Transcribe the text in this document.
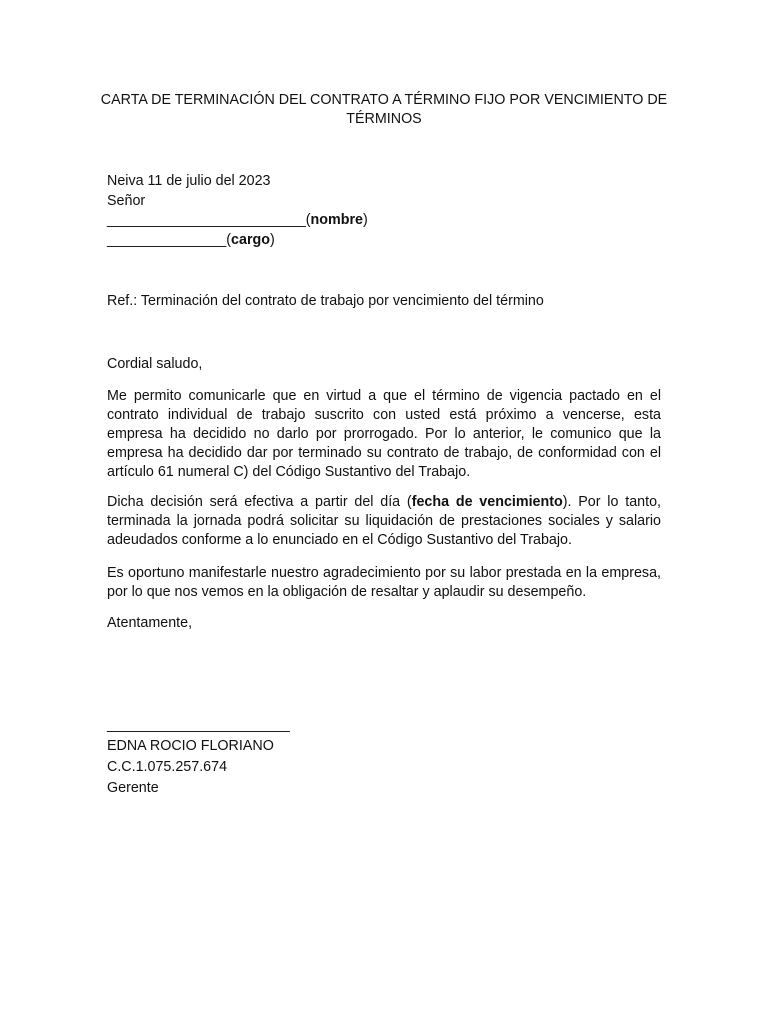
CARTA DE TERMINACIÓN DEL CONTRATO A TÉRMINO FIJO POR VENCIMIENTO DE TÉRMINOS
Neiva 11 de julio del 2023
Señor
_________________________(nombre)
_______________(cargo)
Ref.: Terminación del contrato de trabajo por vencimiento del término
Cordial saludo,
Me permito comunicarle que en virtud a que el término de vigencia pactado en el contrato individual de trabajo suscrito con usted está próximo a vencerse, esta empresa ha decidido no darlo por prorrogado. Por lo anterior, le comunico que la empresa ha decidido dar por terminado su contrato de trabajo, de conformidad con el artículo 61 numeral C) del Código Sustantivo del Trabajo.
Dicha decisión será efectiva a partir del día (fecha de vencimiento). Por lo tanto, terminada la jornada podrá solicitar su liquidación de prestaciones sociales y salario adeudados conforme a lo enunciado en el Código Sustantivo del Trabajo.
Es oportuno manifestarle nuestro agradecimiento por su labor prestada en la empresa, por lo que nos vemos en la obligación de resaltar y aplaudir su desempeño.
Atentamente,
_______________________
EDNA ROCIO FLORIANO
C.C.1.075.257.674
Gerente
